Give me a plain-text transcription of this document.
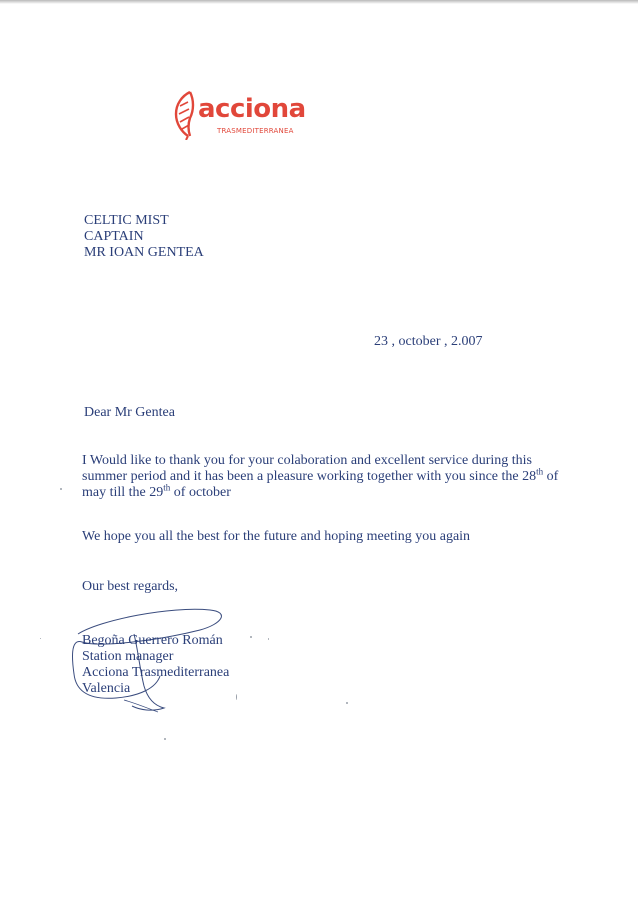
acciona
TRASMEDITERRANEA
CELTIC MIST
CAPTAIN
MR IOAN GENTEA
23 , october , 2.007
Dear Mr Gentea
I Would like to thank you for your colaboration and excellent service during this
summer period and it has been a pleasure working together with you since the 28th of
may till the 29th of october
We hope you all the best for the future and hoping meeting you again
Our best regards,
Begoña Guerrero Román
Station manager
Acciona Trasmediterranea
Valencia
